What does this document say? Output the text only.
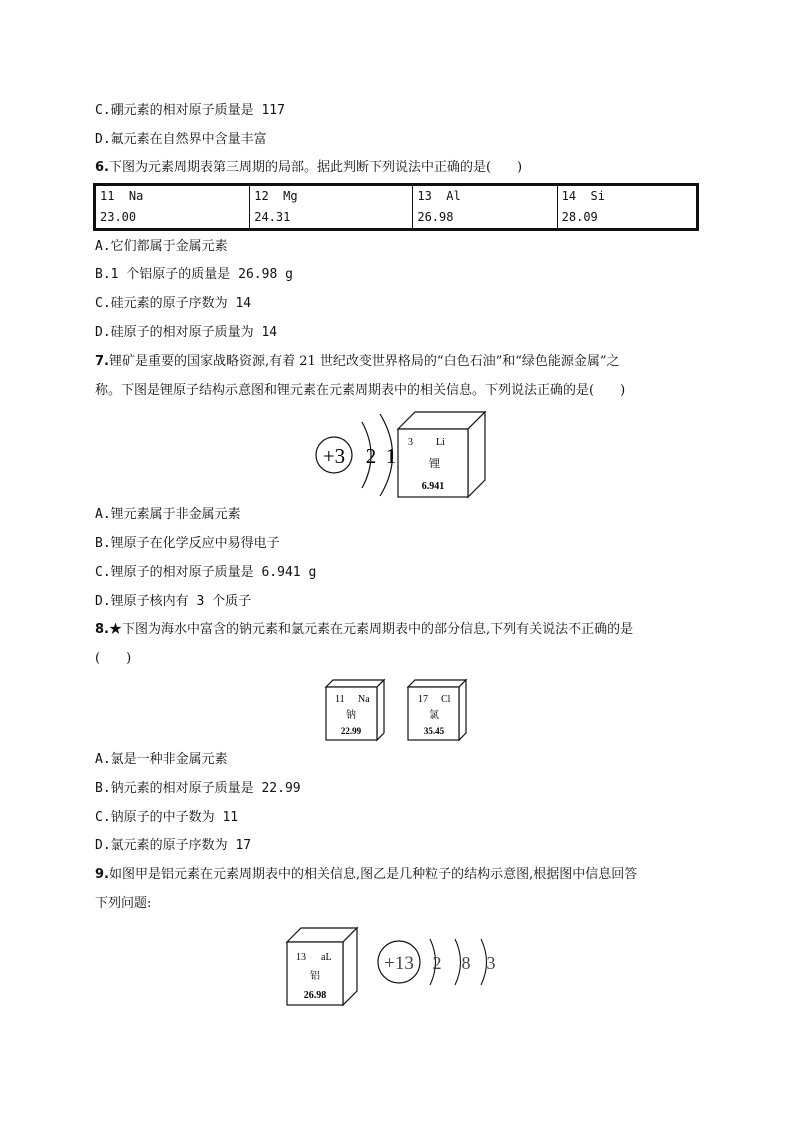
C.硼元素的相对原子质量是 117
D.氟元素在自然界中含量丰富
6.下图为元素周期表第三周期的局部。据此判断下列说法中正确的是(　　)
11 Na	12 Mg	13 Al	14 Si
23.00	24.31	26.98	28.09
A.它们都属于金属元素
B.1 个铝原子的质量是 26.98 g
C.硅元素的原子序数为 14
D.硅原子的相对原子质量为 14
7.锂矿是重要的国家战略资源,有着 21 世纪改变世界格局的“白色石油”和“绿色能源金属”之
称。下图是锂原子结构示意图和锂元素在元素周期表中的相关信息。下列说法正确的是(　　)
+3 2 1
3 Li
锂
6.941
A.锂元素属于非金属元素
B.锂原子在化学反应中易得电子
C.锂原子的相对原子质量是 6.941 g
D.锂原子核内有 3 个质子
8.★下图为海水中富含的钠元素和氯元素在元素周期表中的部分信息,下列有关说法不正确的是
(　　)
11 Na
钠
22.99
17 Cl
氯
35.45
A.氯是一种非金属元素
B.钠元素的相对原子质量是 22.99
C.钠原子的中子数为 11
D.氯元素的原子序数为 17
9.如图甲是铝元素在元素周期表中的相关信息,图乙是几种粒子的结构示意图,根据图中信息回答
下列问题:
13 aL
铝
26.98
+13 2 8 3
